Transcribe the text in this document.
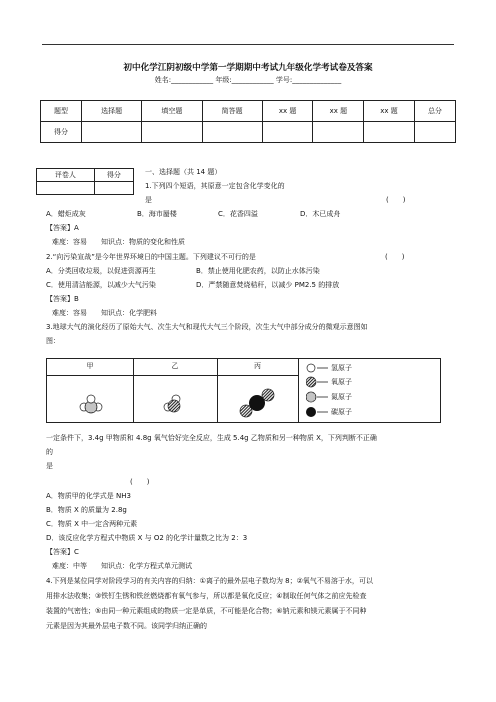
初中化学江阴初级中学第一学期期中考试九年级化学考试卷及答案
姓名:____________ 年级:____________ 学号:______________
题型	选择题	填空题	简答题	xx 题	xx 题	xx 题	总分
得分							
评卷人	得分
		一、选择题（共 14 题）
1.下列四个短语，其原意一定包含化学变化的
是	(　　)
A．蜡炬成灰	B．海市蜃楼	C．花香四溢	D．木已成舟
【答案】A
难度：容易　　知识点：物质的变化和性质
2.“向污染宣战”是今年世界环境日的中国主题。下列建议不可行的是	(　　)
A．分类回收垃圾，以促进资源再生	B．禁止使用化肥农药，以防止水体污染
C．使用清洁能源，以减少大气污染	D．严禁随意焚烧秸秆，以减少 PM2.5 的排放
【答案】B
难度：容易　　知识点：化学肥料
3.地球大气的演化经历了原始大气、次生大气和现代大气三个阶段，次生大气中部分成分的微观示意图如
图：
甲	乙	丙	氢原子
氧原子
氮原子
碳原子
一定条件下，3.4g 甲物质和 4.8g 氧气恰好完全反应，生成 5.4g 乙物质和另一种物质 X，下列判断不正确
的
是
(　　)
A．物质甲的化学式是 NH3
B．物质 X 的质量为 2.8g
C．物质 X 中一定含两种元素
D．该反应化学方程式中物质 X 与 O2 的化学计量数之比为 2：3
【答案】C
难度：中等　　知识点：化学方程式单元测试
4.下列是某位同学对阶段学习的有关内容的归纳：①离子的最外层电子数均为 8；②氧气不易溶于水，可以
用排水法收集；③铁钉生锈和铁丝燃烧都有氧气参与，所以都是氧化反应；④制取任何气体之前应先检查
装置的气密性；⑤由同一种元素组成的物质一定是单质，不可能是化合物；⑥钠元素和镁元素属于不同种
元素是因为其最外层电子数不同。该同学归纳正确的
